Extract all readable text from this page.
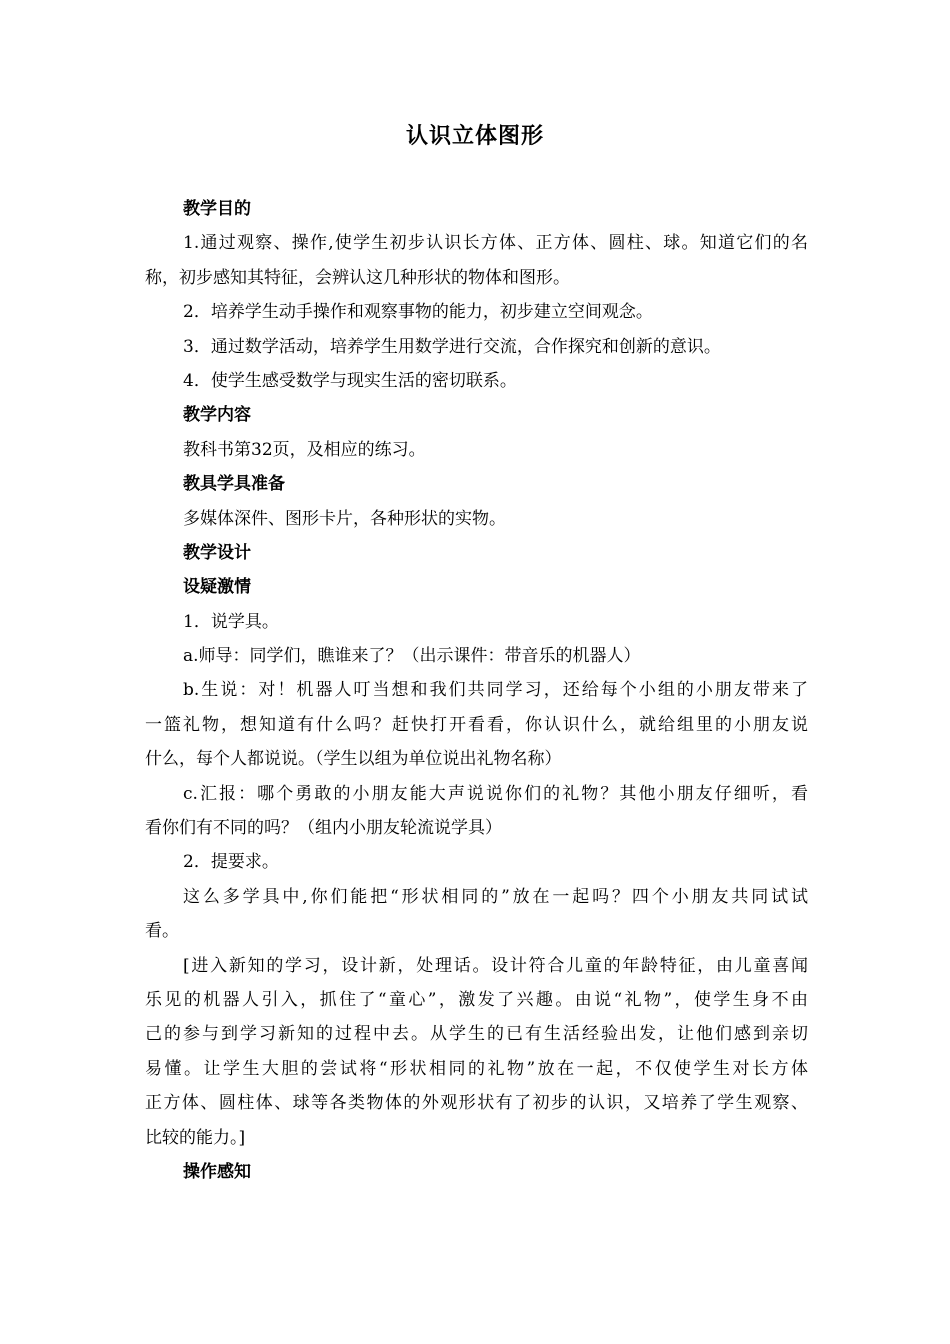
认识立体图形
教学目的
1.通过观察、操作,使学生初步认识长方体、正方体、圆柱、球。知道它们的名
称，初步感知其特征，会辨认这几种形状的物体和图形。
2．培养学生动手操作和观察事物的能力，初步建立空间观念。
3．通过数学活动，培养学生用数学进行交流，合作探究和创新的意识。
4．使学生感受数学与现实生活的密切联系。
教学内容
教科书第32页，及相应的练习。
教具学具准备
多媒体深件、图形卡片，各种形状的实物。
教学设计
设疑激情
1．说学具。
a.师导：同学们，瞧谁来了？（出示课件：带音乐的机器人）
b.生说：对！机器人叮当想和我们共同学习，还给每个小组的小朋友带来了
一篮礼物，想知道有什么吗？赶快打开看看，你认识什么，就给组里的小朋友说
什么，每个人都说说。（学生以组为单位说出礼物名称）
c.汇报：哪个勇敢的小朋友能大声说说你们的礼物？其他小朋友仔细听，看
看你们有不同的吗？（组内小朋友轮流说学具）
2．提要求。
这么多学具中,你们能把“形状相同的”放在一起吗？四个小朋友共同试试
看。
[进入新知的学习，设计新，处理话。设计符合儿童的年龄特征，由儿童喜闻
乐见的机器人引入，抓住了“童心”，激发了兴趣。由说“礼物”，使学生身不由
己的参与到学习新知的过程中去。从学生的已有生活经验出发，让他们感到亲切
易懂。让学生大胆的尝试将“形状相同的礼物”放在一起，不仅使学生对长方体
正方体、圆柱体、球等各类物体的外观形状有了初步的认识，又培养了学生观察、
比较的能力。]
操作感知
